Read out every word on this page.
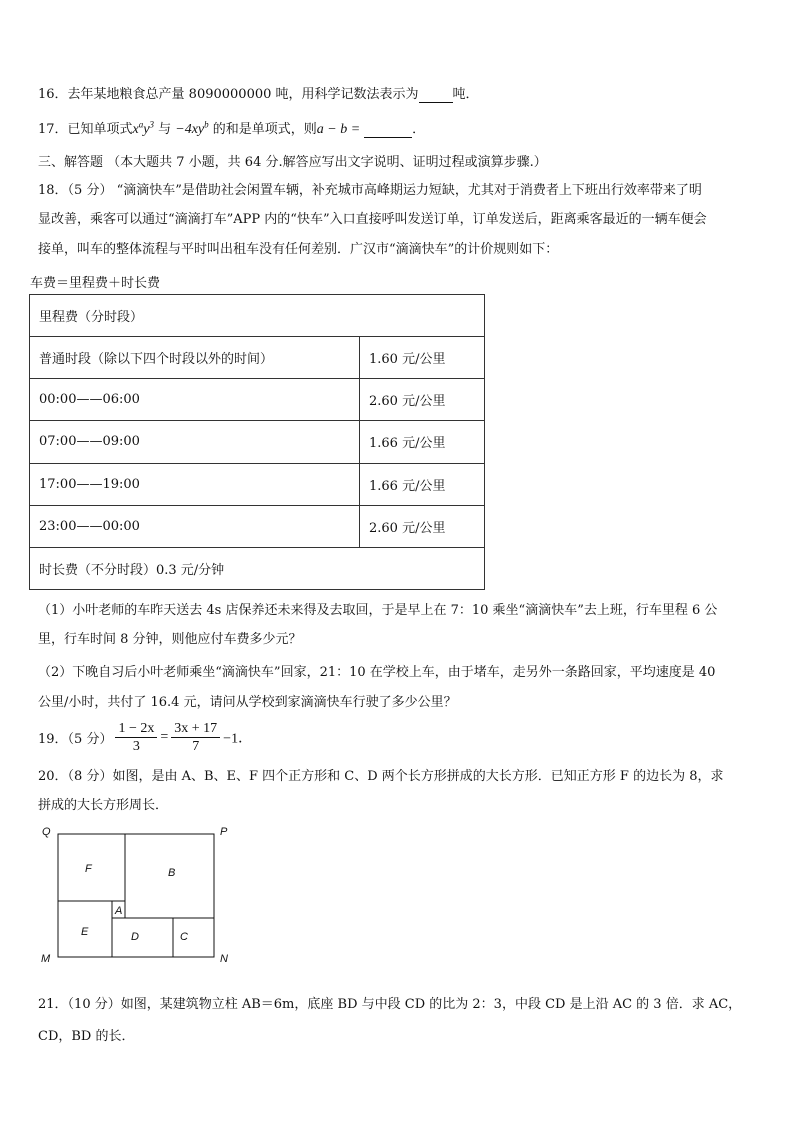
16．去年某地粮食总产量 8090000000 吨，用科学记数法表示为	吨．
17．已知单项式$x^ay^3$ 与 $-4xy^b$ 的和是单项式，则a − b =	．
三、解答题 （本大题共 7 小题，共 64 分.解答应写出文字说明、证明过程或演算步骤.）
18．（5 分） “滴滴快车”是借助社会闲置车辆，补充城市高峰期运力短缺，尤其对于消费者上下班出行效率带来了明
显改善，乘客可以通过“滴滴打车”APP 内的“快车”入口直接呼叫发送订单，订单发送后，距离乘客最近的一辆车便会
接单，叫车的整体流程与平时叫出租车没有任何差别．广汉市“滴滴快车”的计价规则如下：
车费＝里程费＋时长费
里程费（分时段）	
普通时段（除以下四个时段以外的时间）	1.60 元/公里
00:00——06:00	2.60 元/公里
07:00——09:00	1.66 元/公里
17:00——19:00	1.66 元/公里
23:00——00:00	2.60 元/公里
时长费（不分时段）0.3 元/分钟	
（1）小叶老师的车昨天送去 4s 店保养还未来得及去取回，于是早上在 7：10 乘坐“滴滴快车”去上班，行车里程 6 公
里，行车时间 8 分钟，则他应付车费多少元？
（2）下晚自习后小叶老师乘坐“滴滴快车”回家，21：10 在学校上车，由于堵车，走另外一条路回家，平均速度是 40
公里/小时，共付了 16.4 元，请问从学校到家滴滴快车行驶了多少公里？
19．（5 分） $\frac{1 - 2x}{3} = \frac{3x + 17}{7} -1$．
20．（8 分）如图，是由 A、B、E、F 四个正方形和 C、D 两个长方形拼成的大长方形．已知正方形 F 的边长为 8，求
拼成的大长方形周长．
Q	P
M	N
F	B
A
E	D	C
21．（10 分）如图，某建筑物立柱 AB＝6m，底座 BD 与中段 CD 的比为 2：3，中段 CD 是上沿 AC 的 3 倍．求 AC，
CD，BD 的长．
